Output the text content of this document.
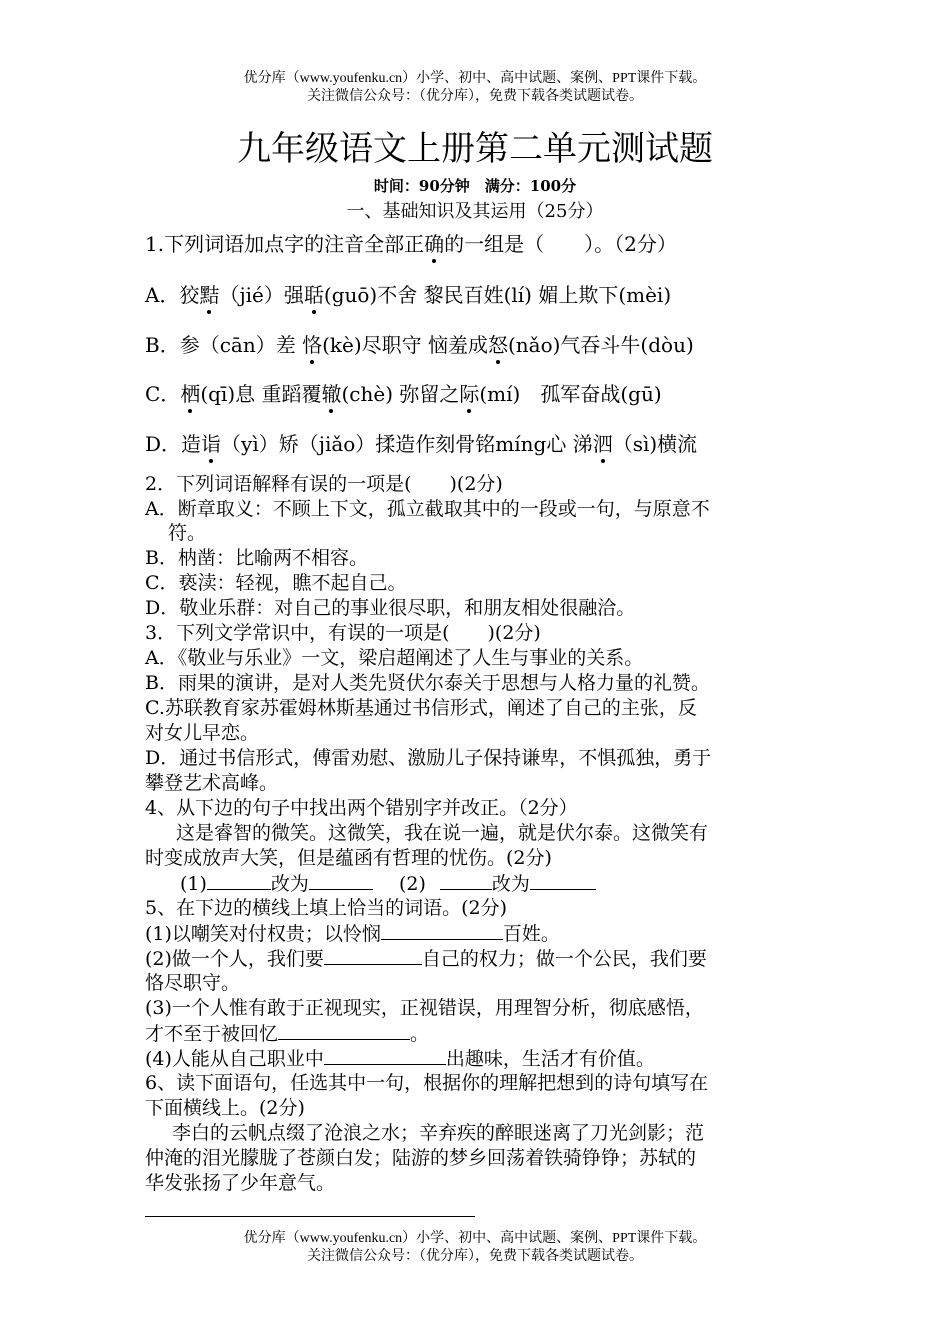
优分库（www.youfenku.cn）小学、初中、高中试题、案例、PPT课件下载。
关注微信公众号：（优分库），免费下载各类试题试卷。
九年级语文上册第二单元测试题
时间：90分钟　满分：100分
一、基础知识及其运用（25分）
1.下列词语加点字的注音全部正确的一组是（　　）。（2分）
A．狡黠（jié）强聒(guō)不舍 黎民百姓(lí) 媚上欺下(mèi)
B．参（cān）差 恪(kè)尽职守 恼羞成怒(nǎo)气吞斗牛(dòu)
C．栖(qī)息 重蹈覆辙(chè) 弥留之际(mí)　孤军奋战(gū)
D．造诣（yì）矫（jiǎo）揉造作刻骨铭míng心 涕泗（sì)横流
2．下列词语解释有误的一项是(　　)(2分)
A．断章取义：不顾上下文，孤立截取其中的一段或一句，与原意不
符。
B．枘凿：比喻两不相容。
C．亵渎：轻视，瞧不起自己。
D．敬业乐群：对自己的事业很尽职，和朋友相处很融洽。
3．下列文学常识中，有误的一项是(　　)(2分)
A．《敬业与乐业》一文，梁启超阐述了人生与事业的关系。
B．雨果的演讲，是对人类先贤伏尔泰关于思想与人格力量的礼赞。
C.苏联教育家苏霍姆林斯基通过书信形式，阐述了自己的主张，反
对女儿早恋。
D．通过书信形式，傅雷劝慰、激励儿子保持谦卑，不惧孤独，勇于
攀登艺术高峰。
4、从下边的句子中找出两个错别字并改正。（2分）
这是睿智的微笑。这微笑，我在说一遍，就是伏尔泰。这微笑有
时变成放声大笑，但是蕴函有哲理的忧伤。(2分)
(1)	改为	(2)	改为
5、在下边的横线上填上恰当的词语。(2分)
(1)以嘲笑对付权贵；以怜悯	百姓。
(2)做一个人，我们要	自己的权力；做一个公民，我们要
恪尽职守。
(3)一个人惟有敢于正视现实，正视错误，用理智分析，彻底感悟，
才不至于被回忆	。
(4)人能从自己职业中	出趣味，生活才有价值。
6、读下面语句，任选其中一句，根据你的理解把想到的诗句填写在
下面横线上。(2分)
李白的云帆点缀了沧浪之水；辛弃疾的醉眼迷离了刀光剑影；范
仲淹的泪光朦胧了苍颜白发；陆游的梦乡回荡着铁骑铮铮；苏轼的
华发张扬了少年意气。
优分库（www.youfenku.cn）小学、初中、高中试题、案例、PPT课件下载。
关注微信公众号：（优分库），免费下载各类试题试卷。
